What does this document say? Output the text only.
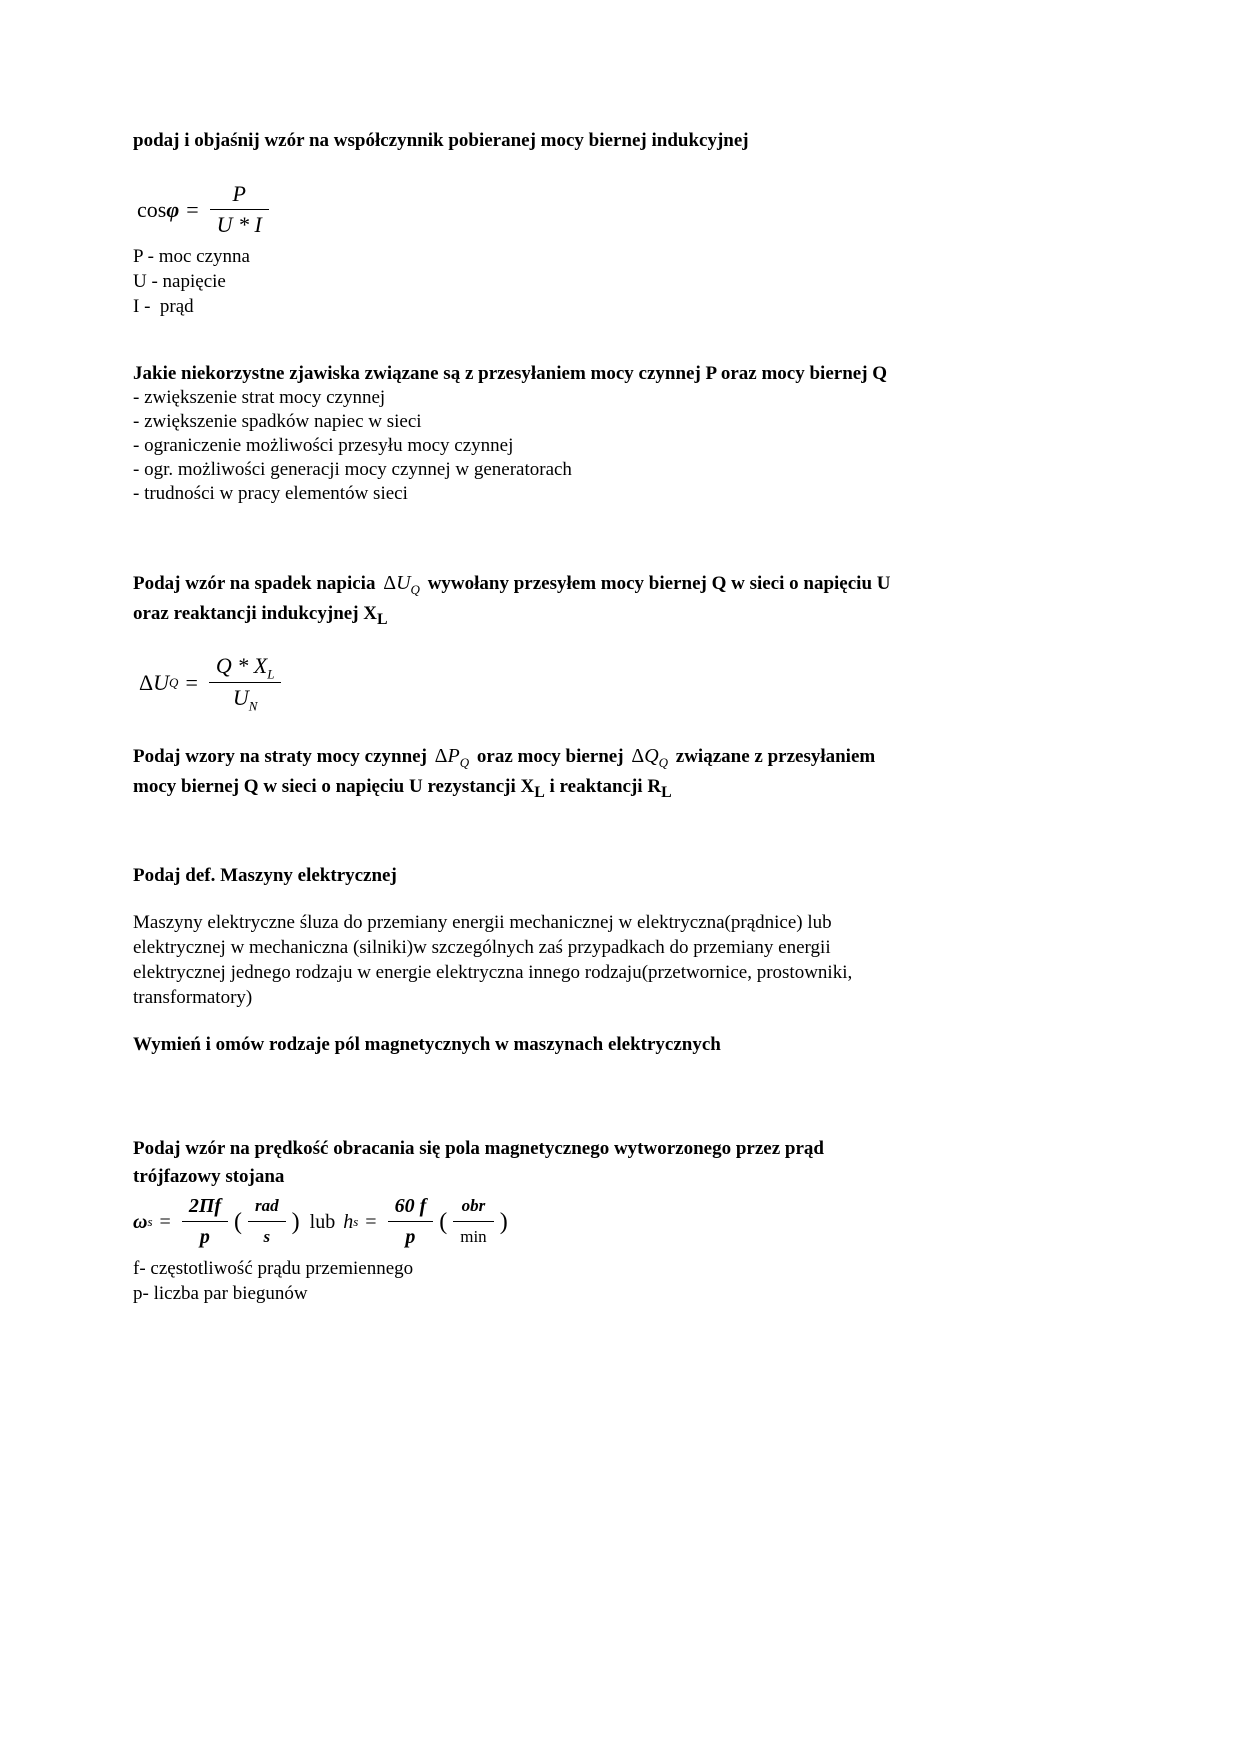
podaj i objaśnij wzór na współczynnik pobieranej mocy biernej indukcyjnej
$\cos \varphi = \frac{P}{U * I}$
P - moc czynna
U - napięcie
I -  prąd
Jakie niekorzystne zjawiska związane są z przesyłaniem mocy czynnej P oraz mocy biernej Q
- zwiększenie strat mocy czynnej
- zwiększenie spadków napiec w sieci
- ograniczenie możliwości przesyłu mocy czynnej
- ogr. możliwości generacji mocy czynnej w generatorach
- trudności w pracy elementów sieci
Podaj wzór na spadek napicia $\Delta U_Q$ wywołany przesyłem mocy biernej Q w sieci o napięciu U
oraz reaktancji indukcyjnej $X_L$
Δ U $Q = \frac{Q * X_L}{U_N}$
Podaj wzory na straty mocy czynnej $\Delta P_Q$ oraz mocy biernej $\Delta Q_Q$ związane z przesyłaniem
mocy biernej Q w sieci o napięciu U rezystancji $X_L$ i reaktancji $R_L$
Podaj def. Maszyny elektrycznej
Maszyny elektryczne śluza do przemiany energii mechanicznej w elektryczna(prądnice) lub
elektrycznej w mechaniczna (silniki)w szczególnych zaś przypadkach do przemiany energii
elektrycznej jednego rodzaju w energie elektryczna innego rodzaju(przetwornice, prostowniki,
transformatory)
Wymień i omów rodzaje pól magnetycznych w maszynach elektrycznych
Podaj wzór na prędkość obracania się pola magnetycznego wytworzonego przez prąd
trójfazowy stojana
ω $s = \frac{2\Pi f}{p}$ ( $\frac{\text{rad}}{s}$ ) lub h $s = \frac{60 f}{p}$ ( $\frac{\text{obr}}{\min}$ )
f- częstotliwość prądu przemiennego
p- liczba par biegunów
